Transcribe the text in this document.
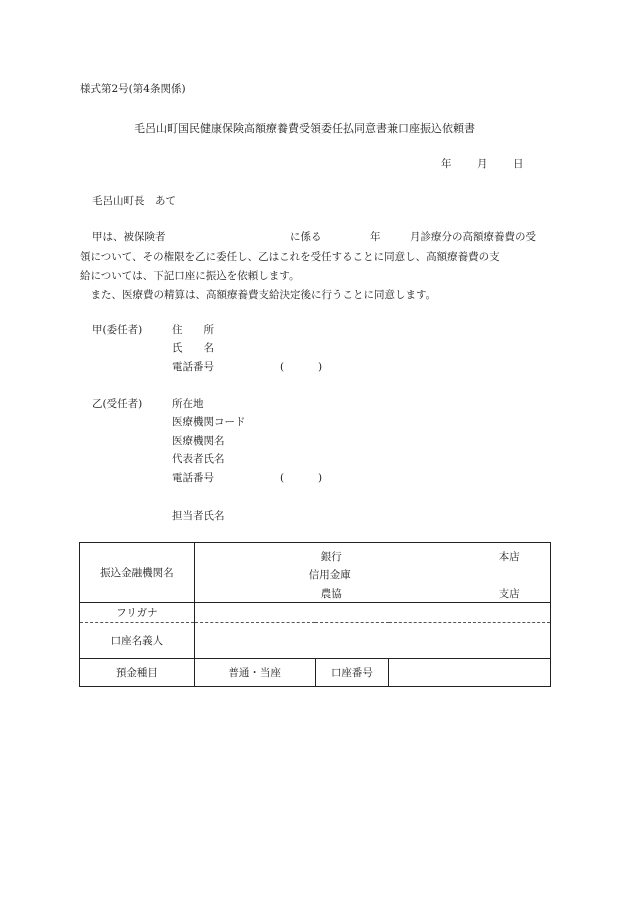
様式第2号(第4条関係)
毛呂山町国民健康保険高額療養費受領委任払同意書兼口座振込依頼書
年 月 日
毛呂山町長　あて
甲は、被保険者	に係る	年	月診療分の高額療養費の受

領について、その権限を乙に委任し、乙はこれを受任することに同意し、高額療養費の支

給については、下記口座に振込を依頼します。

　また、医療費の精算は、高額療養費支給決定後に行うことに同意します。

甲(委任者)	住　　所
氏　　名
電話番号	(	)
乙(受任者)	所在地
医療機関コード
医療機関名
代表者氏名
電話番号	(	)
担当者氏名
振込金融機関名	銀行 本店
信用金庫
農協 支店		

フリガナ			
口座名義人			
預金種目	普通・当座	口座番号	
